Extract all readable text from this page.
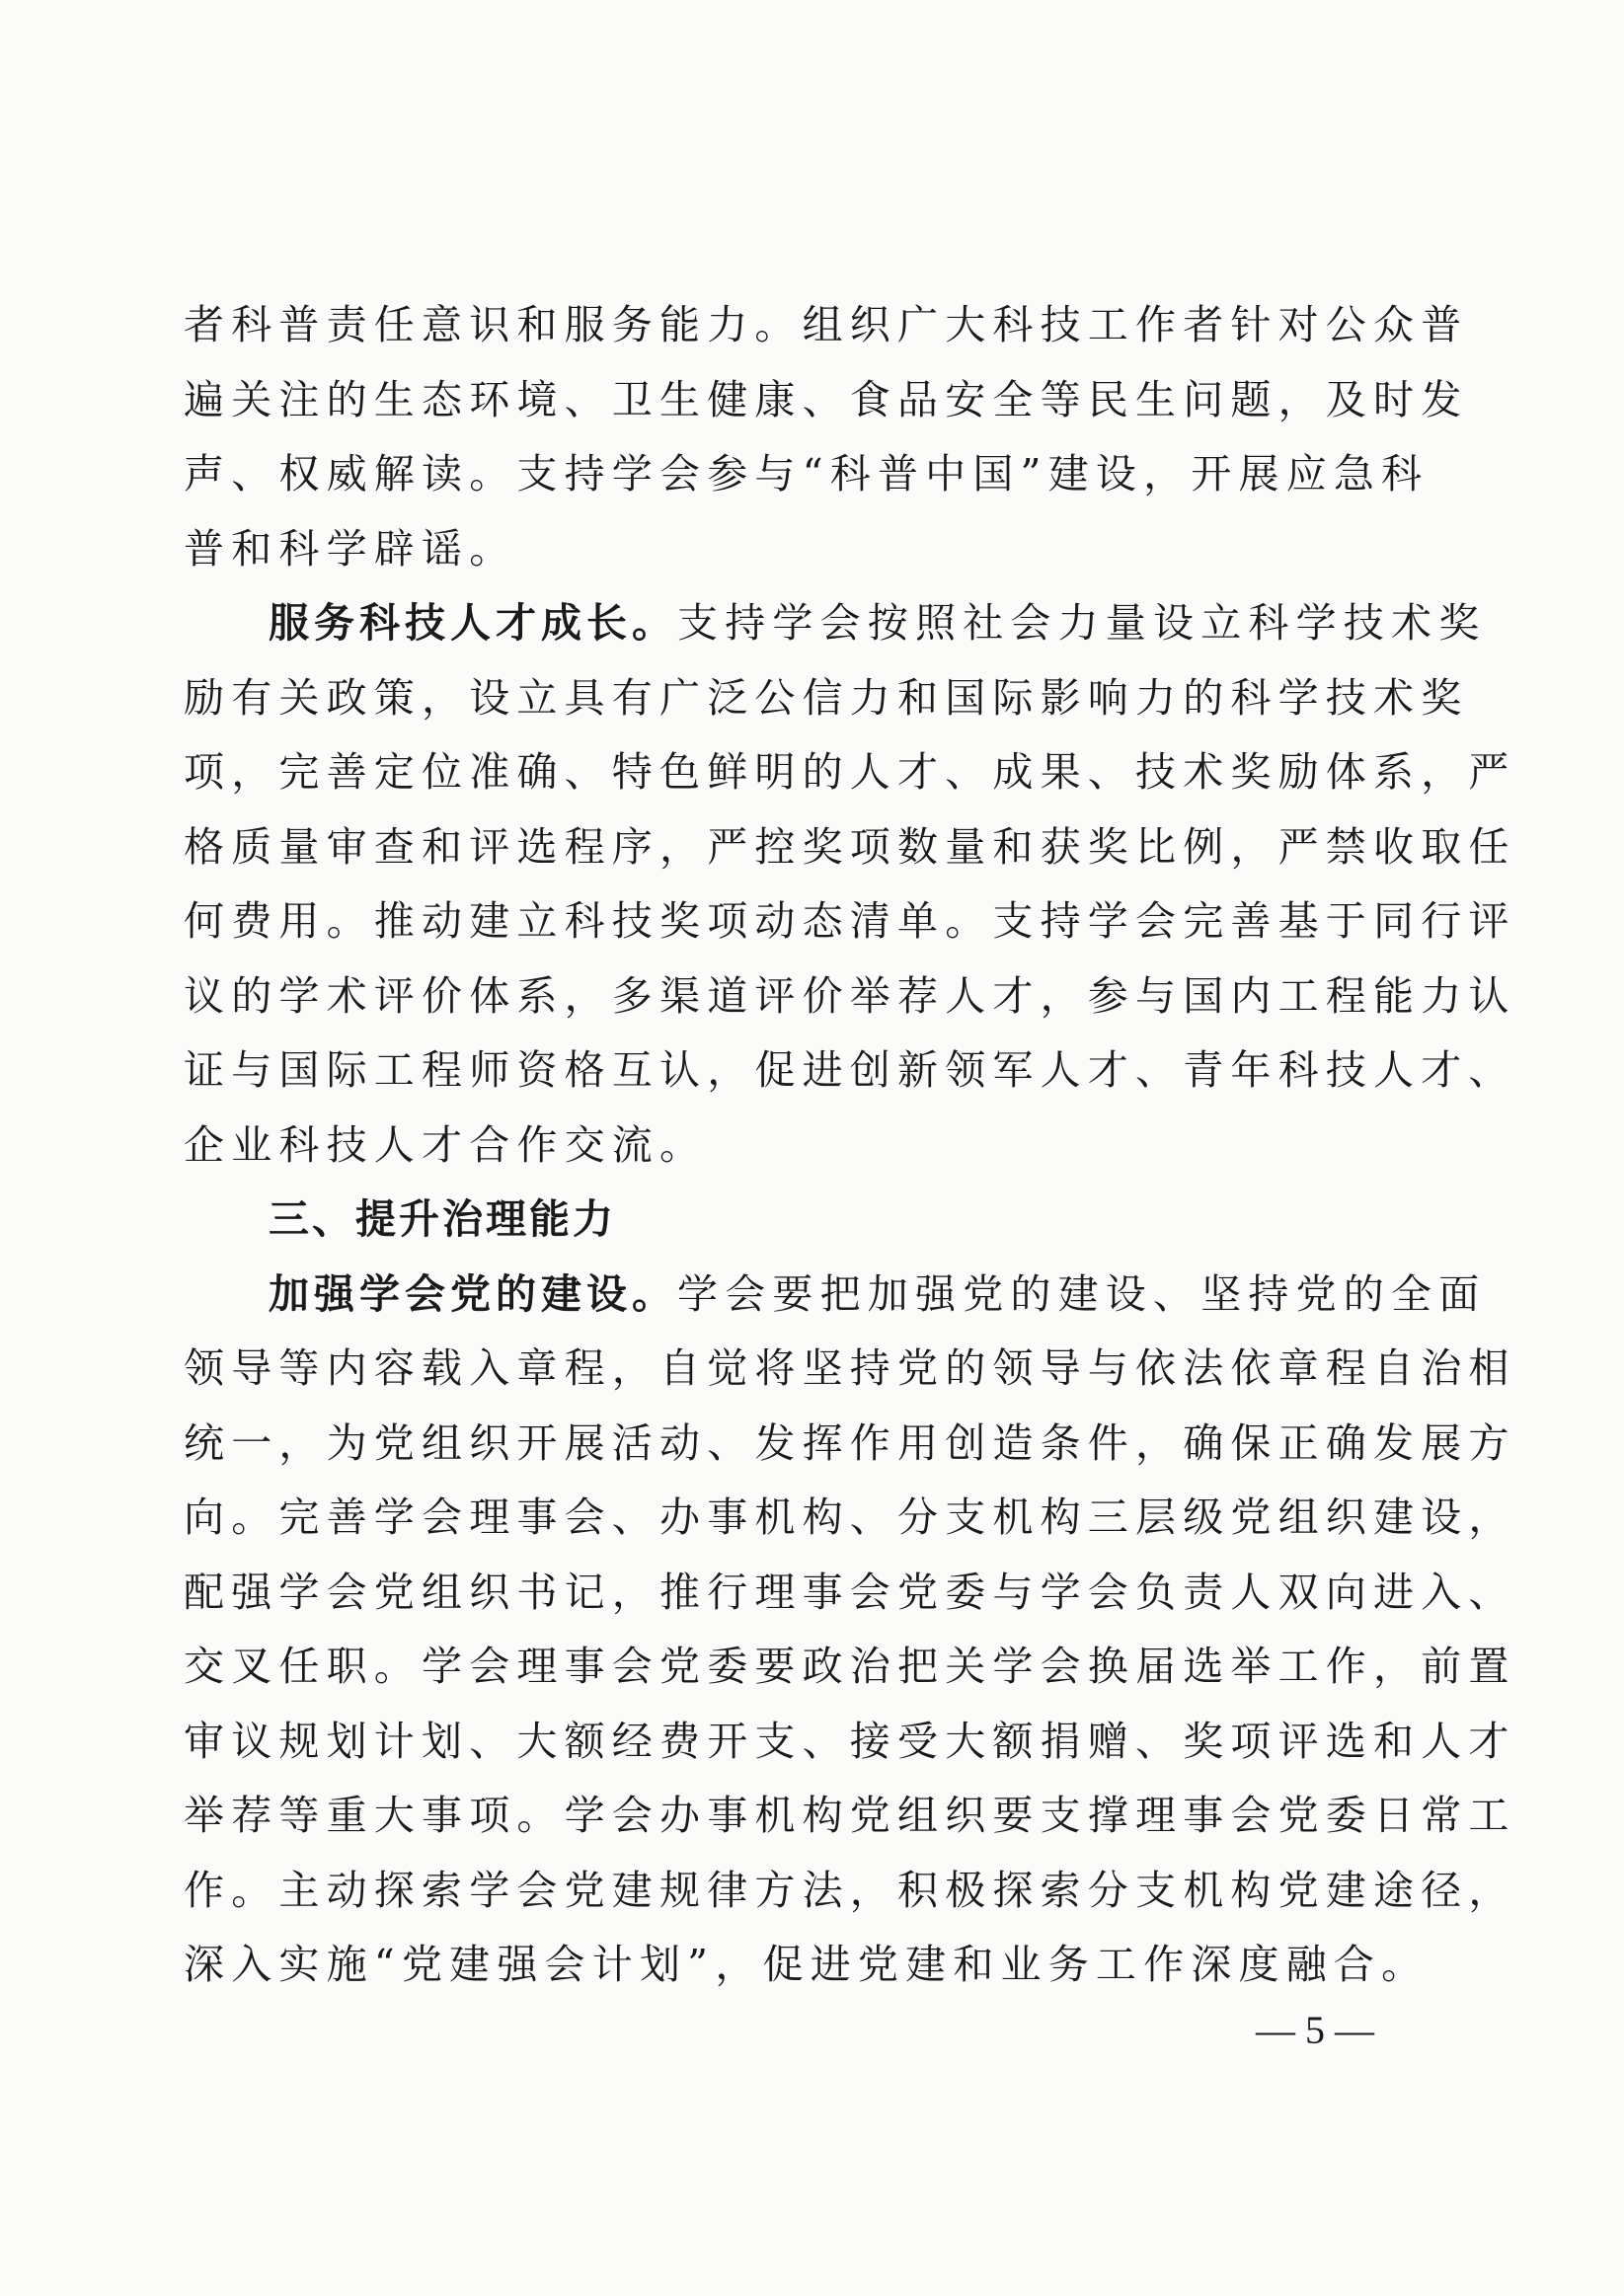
者科普责任意识和服务能力。组织广大科技工作者针对公众普
遍关注的生态环境、卫生健康、食品安全等民生问题，及时发
声、权威解读。支持学会参与“科普中国”建设，开展应急科
普和科学辟谣。
服务科技人才成长。支持学会按照社会力量设立科学技术奖
励有关政策，设立具有广泛公信力和国际影响力的科学技术奖
项，完善定位准确、特色鲜明的人才、成果、技术奖励体系，严
格质量审查和评选程序，严控奖项数量和获奖比例，严禁收取任
何费用。推动建立科技奖项动态清单。支持学会完善基于同行评
议的学术评价体系，多渠道评价举荐人才，参与国内工程能力认
证与国际工程师资格互认，促进创新领军人才、青年科技人才、
企业科技人才合作交流。
三、提升治理能力
加强学会党的建设。学会要把加强党的建设、坚持党的全面
领导等内容载入章程，自觉将坚持党的领导与依法依章程自治相
统一，为党组织开展活动、发挥作用创造条件，确保正确发展方
向。完善学会理事会、办事机构、分支机构三层级党组织建设，
配强学会党组织书记，推行理事会党委与学会负责人双向进入、
交叉任职。学会理事会党委要政治把关学会换届选举工作，前置
审议规划计划、大额经费开支、接受大额捐赠、奖项评选和人才
举荐等重大事项。学会办事机构党组织要支撑理事会党委日常工
作。主动探索学会党建规律方法，积极探索分支机构党建途径，
深入实施“党建强会计划”，促进党建和业务工作深度融合。
— 5 —
